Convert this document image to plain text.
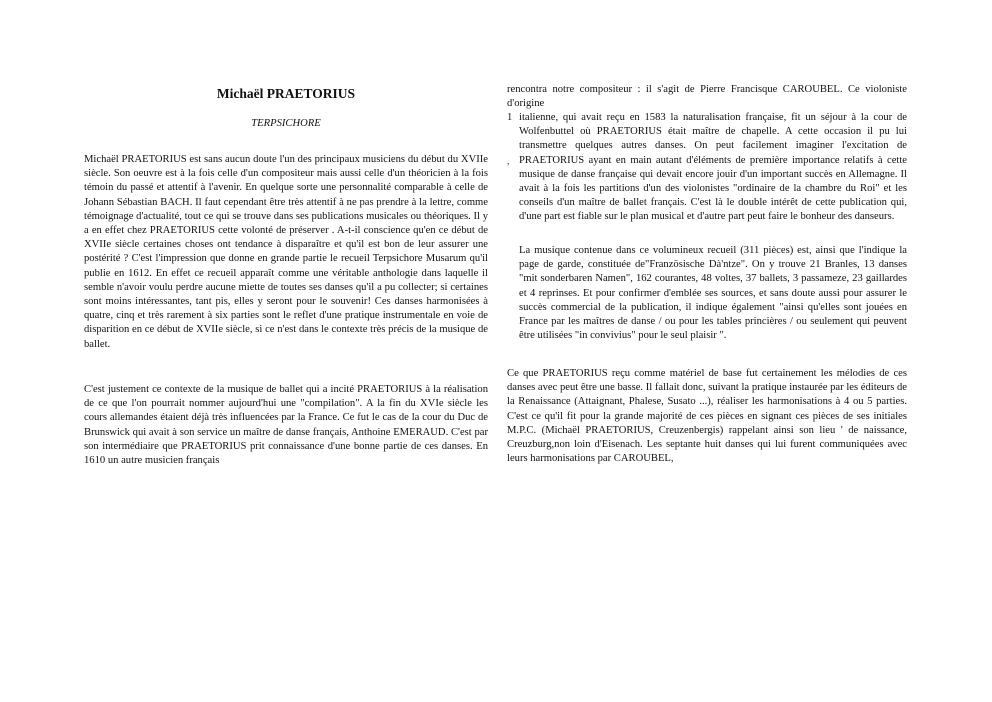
Michaël PRAETORIUS
TERPSICHORE

Michaël PRAETORIUS est sans aucun doute l'un des principaux musiciens du début du XVIIe siècle. Son oeuvre est à la fois celle d'un compositeur mais aussi celle d'un théoricien à la fois témoin du passé et attentif à l'avenir. En quelque sorte une personnalité comparable à celle de Johann Sébastian BACH. Il faut cependant être très attentif à ne pas prendre à la lettre, comme témoignage d'actualité, tout ce qui se trouve dans ses publications musicales ou théoriques. Il y a en effet chez PRAETORIUS cette volonté de préserver . A-t-il conscience qu'en ce début de XVIIe siècle certaines choses ont tendance à disparaître et qu'il est bon de leur assurer une postérité ? C'est l'impression que donne en grande partie le recueil Terpsichore Musarum qu'il publie en 1612. En effet ce recueil apparaît comme une véritable anthologie dans laquelle il semble n'avoir voulu perdre aucune miette de toutes ses danses qu'il a pu collecter; si certaines sont moins intéressantes, tant pis, elles y seront pour le souvenir! Ces danses harmonisées à quatre, cinq et très rarement à six parties sont le reflet d'une pratique instrumentale en voie de disparition en ce début de XVIIe siècle, si ce n'est dans le contexte très précis de la musique de ballet.

C'est justement ce contexte de la musique de ballet qui a incité PRAETORIUS à la réalisation de ce que l'on pourrait nommer aujourd'hui une "compilation". A la fin du XVIe siècle les cours allemandes étaient déjà très influencées par la France. Ce fut le cas de la cour du Duc de Brunswick qui avait à son service un maître de danse français, Anthoine EMERAUD. C'est par son intermédiaire que PRAETORIUS prit connaissance d'une bonne partie de ces danses. En 1610 un autre musicien français

rencontra notre compositeur : il s'agit de Pierre Francisque CAROUBEL. Ce violoniste d'origine

1
,
italienne, qui avait reçu en 1583 la naturalisation française, fit un séjour à la cour de Wolfenbuttel où PRAETORIUS était maître de chapelle. A cette occasion il pu lui transmettre quelques autres danses. On peut facilement imaginer l'excitation de PRAETORIUS ayant en main autant d'éléments de première importance relatifs à cette musique de danse française qui devait encore jouir d'un important succès en Allemagne. Il avait à la fois les partitions d'un des violonistes "ordinaire de la chambre du Roi" et les conseils d'un maître de ballet français. C'est là le double intérêt de cette publication qui, d'une part est fiable sur le plan musical et d'autre part peut faire le bonheur des danseurs.
La musique contenue dans ce volumineux recueil (311 pièces) est, ainsi que l'indique la page de garde, constituée de"Französische Dà'ntze". On y trouve 21 Branles, 13 danses "mit sonderbaren Namen", 162 courantes, 48 voltes, 37 ballets, 3 passameze, 23 gaillardes et 4 reprinses. Et pour confirmer d'emblée ses sources, et sans doute aussi pour assurer le succès commercial de la publication, il indique également "ainsi qu'elles sont jouées en France par les maîtres de danse / ou pour les tables princières / ou seulement qui peuvent être utilisées "in convivius" pour le seul plaisir ".

Ce que PRAETORIUS reçu comme matériel de base fut certainement les mélodies de ces danses avec peut être une basse. Il fallait donc, suivant la pratique instaurée par les éditeurs de la Renaissance (Attaignant, Phalese, Susato ...), réaliser les harmonisations à 4 ou 5 parties. C'est ce qu'il fit pour la grande majorité de ces pièces en signant ces pièces de ses initiales M.P.C. (Michaël PRAETORIUS, Creuzenbergis) rappelant ainsi son lieu ' de naissance, Creuzburg,non loin d'Eisenach. Les septante huit danses qui lui furent communiquées avec leurs harmonisations par CAROUBEL,
